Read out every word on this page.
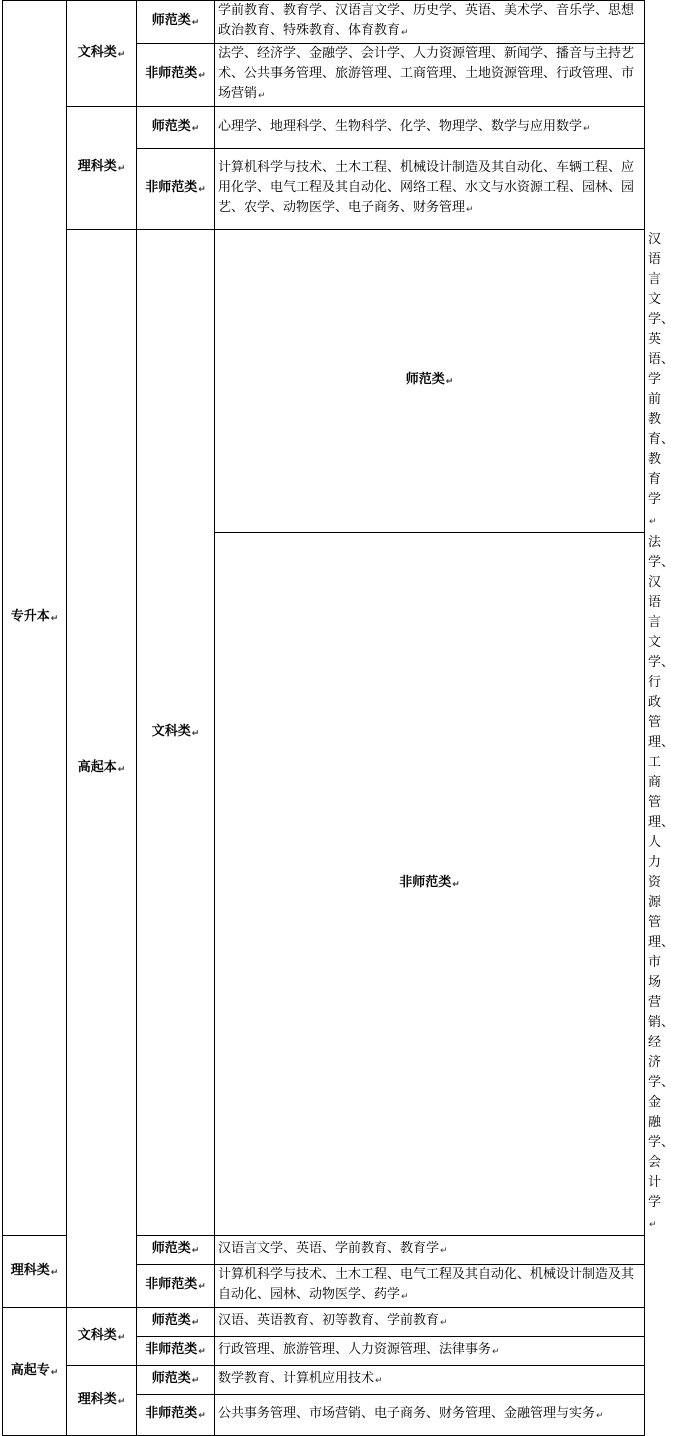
专升本↵	文科类↵	师范类↵	学前教育、教育学、汉语言文学、历史学、英语、美术学、音乐学、思想政治教育、特殊教育、体育教育↵	
		非师范类↵	法学、经济学、金融学、会计学、人力资源管理、新闻学、播音与主持艺术、公共事务管理、旅游管理、工商管理、土地资源管理、行政管理、市场营销↵	
	理科类↵	师范类↵	心理学、地理科学、生物科学、化学、物理学、数学与应用数学↵	
		非师范类↵	计算机科学与技术、土木工程、机械设计制造及其自动化、车辆工程、应用化学、电气工程及其自动化、网络工程、水文与水资源工程、园林、园艺、农学、动物医学、电子商务、财务管理↵	
	高起本↵	文科类↵	师范类↵	汉语言文学、英语、学前教育、教育学↵
			非师范类↵	法学、汉语言文学、行政管理、工商管理、人力资源管理、市场营销、经济学、金融学、会计学↵
理科类↵		师范类↵	汉语言文学、英语、学前教育、教育学↵	
		非师范类↵	计算机科学与技术、土木工程、电气工程及其自动化、机械设计制造及其自动化、园林、动物医学、药学↵	
高起专↵	文科类↵	师范类↵	汉语、英语教育、初等教育、学前教育↵	
		非师范类↵	行政管理、旅游管理、人力资源管理、法律事务↵	
	理科类↵	师范类↵	数学教育、计算机应用技术↵	
		非师范类↵	公共事务管理、市场营销、电子商务、财务管理、金融管理与实务↵	
